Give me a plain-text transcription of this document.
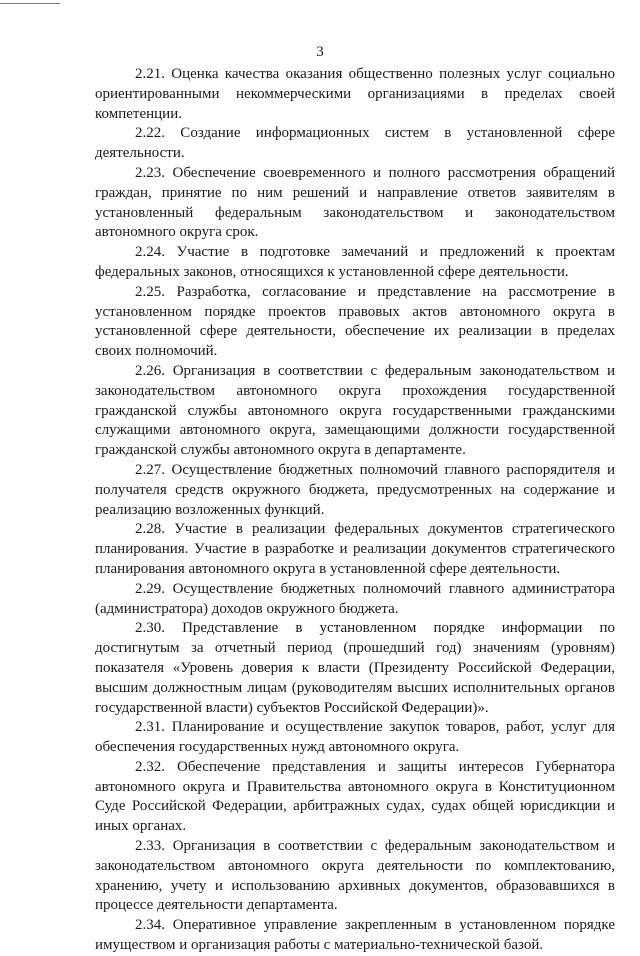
3

2.21. Оценка качества оказания общественно полезных услуг социально ориентированными некоммерческими организациями в пределах своей компетенции.

2.22. Создание информационных систем в установленной сфере деятельности.

2.23. Обеспечение своевременного и полного рассмотрения обращений граждан, принятие по ним решений и направление ответов заявителям в установленный федеральным законодательством и законодательством автономного округа срок.

2.24. Участие в подготовке замечаний и предложений к проектам федеральных законов, относящихся к установленной сфере деятельности.

2.25. Разработка, согласование и представление на рассмотрение в установленном порядке проектов правовых актов автономного округа в установленной сфере деятельности, обеспечение их реализации в пределах своих полномочий.

2.26. Организация в соответствии с федеральным законодательством и законодательством автономного округа прохождения государственной гражданской службы автономного округа государственными гражданскими служащими автономного округа, замещающими должности государственной гражданской службы автономного округа в департаменте.

2.27. Осуществление бюджетных полномочий главного распорядителя и получателя средств окружного бюджета, предусмотренных на содержание и реализацию возложенных функций.

2.28. Участие в реализации федеральных документов стратегического планирования. Участие в разработке и реализации документов стратегического планирования автономного округа в установленной сфере деятельности.

2.29. Осуществление бюджетных полномочий главного администратора (администратора) доходов окружного бюджета.

2.30. Представление в установленном порядке информации по достигнутым за отчетный период (прошедший год) значениям (уровням) показателя «Уровень доверия к власти (Президенту Российской Федерации, высшим должностным лицам (руководителям высших исполнительных органов государственной власти) субъектов Российской Федерации)».

2.31. Планирование и осуществление закупок товаров, работ, услуг для обеспечения государственных нужд автономного округа.

2.32. Обеспечение представления и защиты интересов Губернатора автономного округа и Правительства автономного округа в Конституционном Суде Российской Федерации, арбитражных судах, судах общей юрисдикции и иных органах.

2.33. Организация в соответствии с федеральным законодательством и законодательством автономного округа деятельности по комплектованию, хранению, учету и использованию архивных документов, образовавшихся в процессе деятельности департамента.

2.34. Оперативное управление закрепленным в установленном порядке имуществом и организация работы с материально-технической базой.
